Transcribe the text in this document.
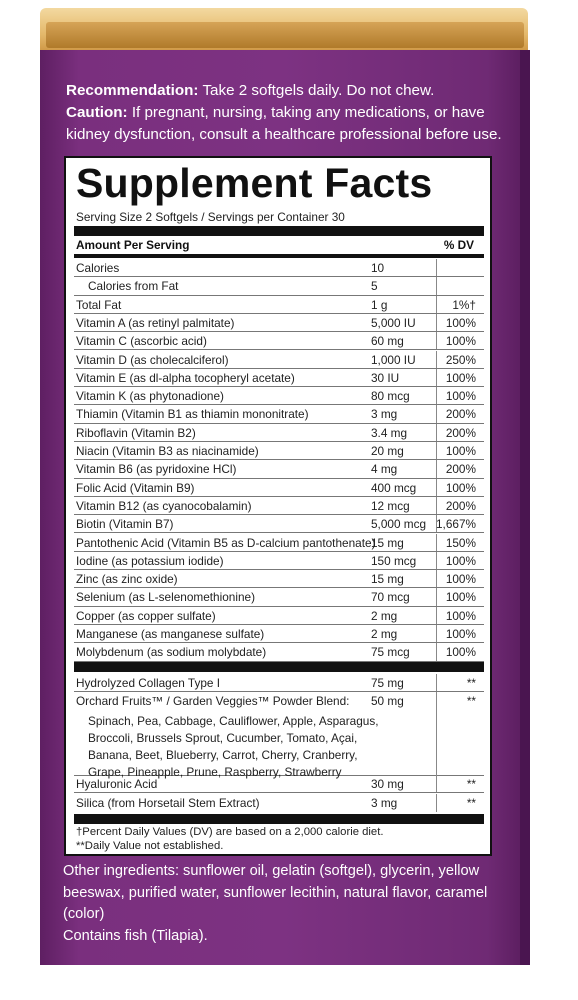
Recommendation: Take 2 softgels daily. Do not chew.
Caution: If pregnant, nursing, taking any medications, or have kidney dysfunction, consult a healthcare professional before use.
Supplement Facts
Serving Size 2 Softgels / Servings per Container 30
Amount Per Serving	% DV
Calories	10
Calories from Fat	5
Total Fat	1 g	1%†
Vitamin A (as retinyl palmitate)	5,000 IU	100%
Vitamin C (ascorbic acid)	60 mg	100%
Vitamin D (as cholecalciferol)	1,000 IU	250%
Vitamin E (as dl-alpha tocopheryl acetate)	30 IU	100%
Vitamin K (as phytonadione)	80 mcg	100%
Thiamin (Vitamin B1 as thiamin mononitrate)	3 mg	200%
Riboflavin (Vitamin B2)	3.4 mg	200%
Niacin (Vitamin B3 as niacinamide)	20 mg	100%
Vitamin B6 (as pyridoxine HCl)	4 mg	200%
Folic Acid (Vitamin B9)	400 mcg	100%
Vitamin B12 (as cyanocobalamin)	12 mcg	200%
Biotin (Vitamin B7)	5,000 mcg 1,667%
Pantothenic Acid (Vitamin B5 as D-calcium pantothenate)
15 mg	150%
Iodine (as potassium iodide)	150 mcg	100%
Zinc (as zinc oxide)	15 mg	100%
Selenium (as L-selenomethionine)	70 mcg	100%
Copper (as copper sulfate)	2 mg	100%
Manganese (as manganese sulfate)	2 mg	100%
Molybdenum (as sodium molybdate)	75 mcg	100%
Hydrolyzed Collagen Type I	75 mg	**
Orchard Fruits™ / Garden Veggies™ Powder Blend: 50 mg	**
Spinach, Pea, Cabbage, Cauliflower, Apple, Asparagus,
Broccoli, Brussels Sprout, Cucumber, Tomato, Açai,
Banana, Beet, Blueberry, Carrot, Cherry, Cranberry,
Grape, Pineapple, Prune, Raspberry, Strawberry
Hyaluronic Acid	30 mg	**
Silica (from Horsetail Stem Extract)	3 mg	**
†Percent Daily Values (DV) are based on a 2,000 calorie diet.
**Daily Value not established.
Other ingredients: sunflower oil, gelatin (softgel), glycerin, yellow beeswax, purified water, sunflower lecithin, natural flavor, caramel (color)
Contains fish (Tilapia).
